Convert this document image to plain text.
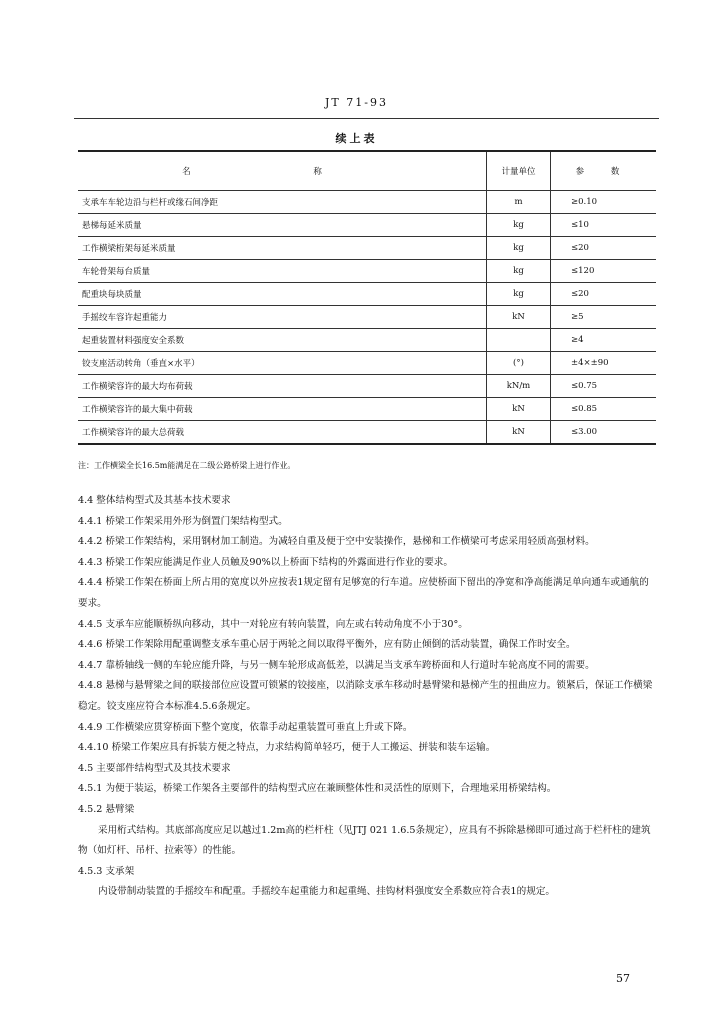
JT 71-93
续上表
名 称	计量单位	参 数
支承车车轮边沿与栏杆或缘石间净距	m	≥0.10
悬梯每延米质量	kg	≤10
工作横梁桁架每延米质量	kg	≤20
车轮骨架每台质量	kg	≤120
配重块每块质量	kg	≤20
手摇绞车容许起重能力	kN	≥5
起重装置材料强度安全系数		≥4
铰支座活动转角（垂直×水平）	(°)	±4×±90
工作横梁容许的最大均布荷载	kN/m	≤0.75
工作横梁容许的最大集中荷载	kN	≤0.85
工作横梁容许的最大总荷载	kN	≤3.00
注：工作横梁全长16.5m能满足在二级公路桥梁上进行作业。

4.4 整体结构型式及其基本技术要求

4.4.1 桥梁工作架采用外形为倒置门架结构型式。

4.4.2 桥梁工作架结构，采用钢材加工制造。为减轻自重及便于空中安装操作，悬梯和工作横梁可考虑采用轻质高强材料。

4.4.3 桥梁工作架应能满足作业人员触及90%以上桥面下结构的外露面进行作业的要求。

4.4.4 桥梁工作架在桥面上所占用的宽度以外应按表1规定留有足够宽的行车道。应使桥面下留出的净宽和净高能满足单向通车或通航的要求。

4.4.5 支承车应能顺桥纵向移动，其中一对轮应有转向装置，向左或右转动角度不小于30°。

4.4.6 桥梁工作架除用配重调整支承车重心居于两轮之间以取得平衡外，应有防止倾倒的活动装置，确保工作时安全。

4.4.7 靠桥轴线一侧的车轮应能升降，与另一侧车轮形成高低差，以满足当支承车跨桥面和人行道时车轮高度不同的需要。

4.4.8 悬梯与悬臂梁之间的联接部位应设置可锁紧的铰接座，以消除支承车移动时悬臂梁和悬梯产生的扭曲应力。锁紧后，保证工作横梁稳定。铰支座应符合本标准4.5.6条规定。

4.4.9 工作横梁应贯穿桥面下整个宽度，依靠手动起重装置可垂直上升或下降。

4.4.10 桥梁工作架应具有拆装方便之特点，力求结构简单轻巧，便于人工搬运、拼装和装车运输。

4.5 主要部件结构型式及其技术要求

4.5.1 为便于装运，桥梁工作架各主要部件的结构型式应在兼顾整体性和灵活性的原则下，合理地采用桥梁结构。

4.5.2 悬臂梁

采用桁式结构。其底部高度应足以越过1.2m高的栏杆柱（见JTJ 021 1.6.5条规定），应具有不拆除悬梯即可通过高于栏杆柱的建筑物（如灯杆、吊杆、拉索等）的性能。

4.5.3 支承架

内设带制动装置的手摇绞车和配重。手摇绞车起重能力和起重绳、挂钩材料强度安全系数应符合表1的规定。

57
